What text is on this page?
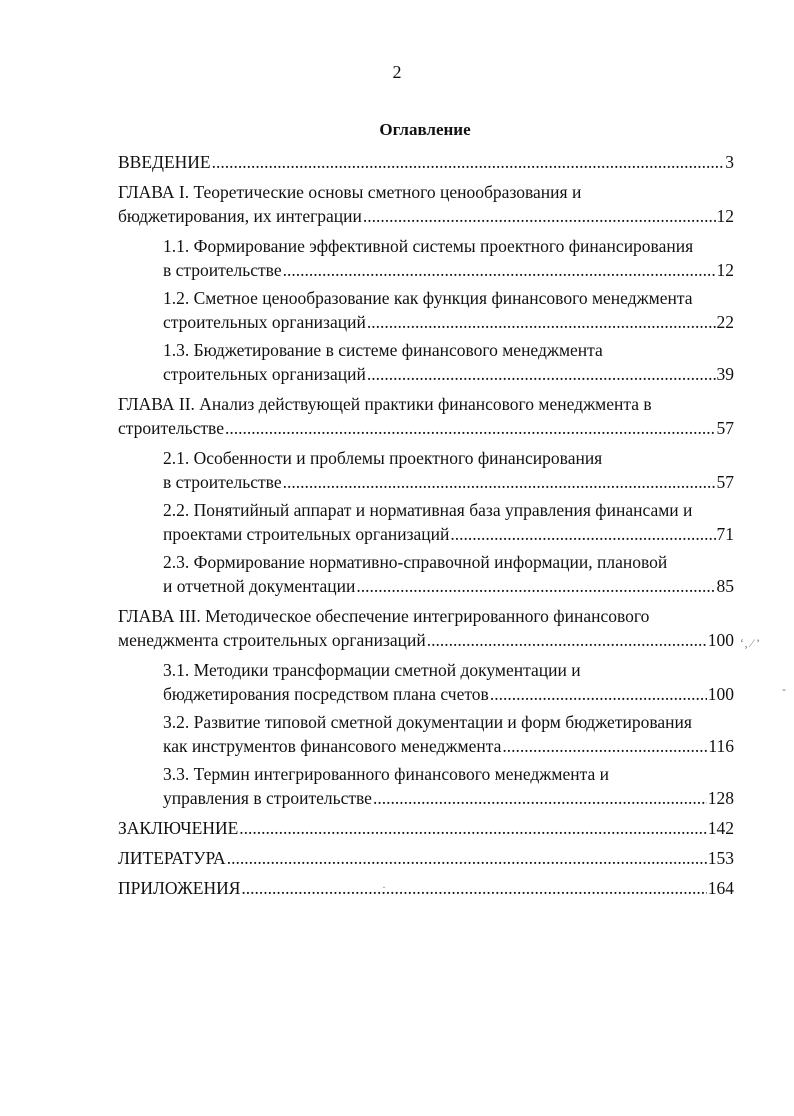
2
Оглавление
ВВЕДЕНИЕ .....	3
ГЛАВА I. Теоретические основы сметного ценообразования и
бюджетирования, их интеграции .....	12
1.1. Формирование эффективной системы проектного финансирования
в строительстве .....	12
1.2. Сметное ценообразование как функция финансового менеджмента
строительных организаций .....	22
1.3. Бюджетирование в системе финансового менеджмента
строительных организаций .....	39
ГЛАВА II. Анализ действующей практики финансового менеджмента в
строительстве .....	57
2.1. Особенности и проблемы проектного финансирования
в строительстве .....	57
2.2. Понятийный аппарат и нормативная база управления финансами и
проектами строительных организаций .....	71
2.3. Формирование нормативно-справочной информации, плановой
и отчетной документации .....	85
ГЛАВА III. Методическое обеспечение интегрированного финансового
менеджмента строительных организаций .....	100
3.1. Методики трансформации сметной документации и
бюджетирования посредством плана счетов .....	100
3.2. Развитие типовой сметной документации и форм бюджетирования
как инструментов финансового менеджмента .....	116
3.3. Термин интегрированного финансового менеджмента и
управления в строительстве .....	128
ЗАКЛЮЧЕНИЕ .....	142
ЛИТЕРАТУРА .....	153
ПРИЛОЖЕНИЯ .....	164
‘‚ ⁄ ’
-
·
